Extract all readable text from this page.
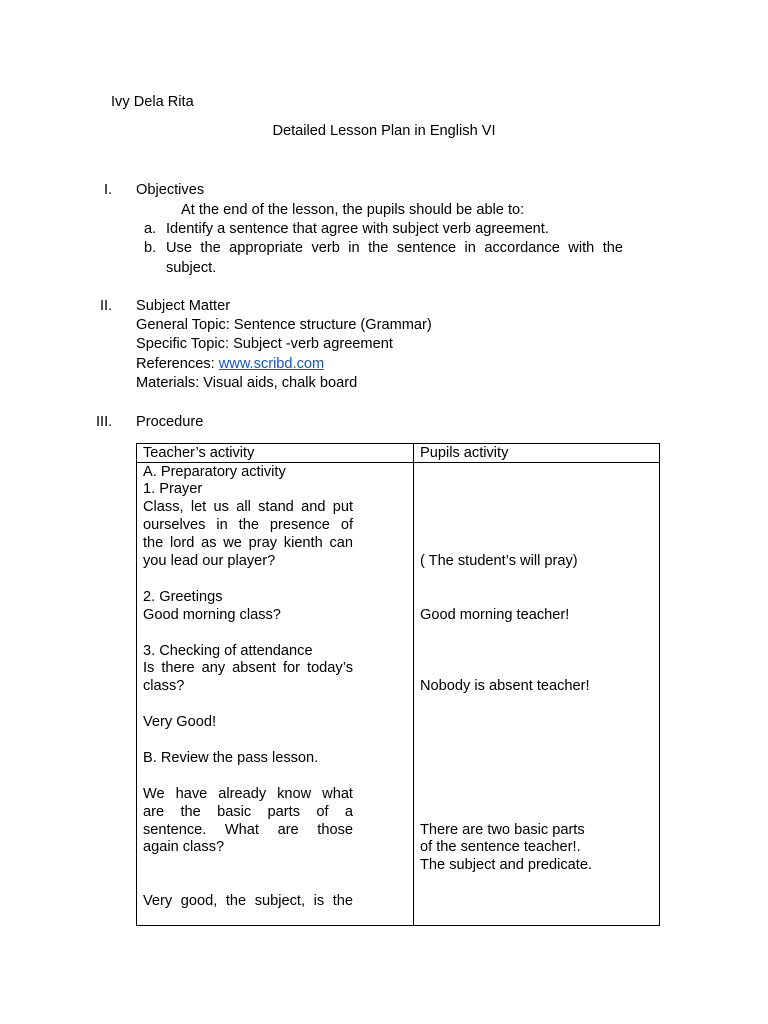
Ivy Dela Rita
Detailed Lesson Plan in English VI
I. Objectives
At the end of the lesson, the pupils should be able to:
a. Identify a sentence that agree with subject verb agreement.
b. Use the appropriate verb in the sentence in accordance with the
subject.
II. Subject Matter
General Topic: Sentence structure (Grammar)
Specific Topic: Subject -verb agreement
References: www.scribd.com
Materials: Visual aids, chalk board
III. Procedure
Teacher’s activity	Pupils activity
A. Preparatory activity
1. Prayer
Class, let us all stand and put
ourselves in the presence of
the lord as we pray kienth can
you lead our player?
2. Greetings
Good morning class?
3. Checking of attendance
Is there any absent for today’s
class?
Very Good!
B. Review the pass lesson.
We have already know what
are the basic parts of a
sentence. What are those
again class?
Very good, the subject, is the
( The student’s will pray)
Good morning teacher!
Nobody is absent teacher!
There are two basic parts
of the sentence teacher!.
The subject and predicate.
